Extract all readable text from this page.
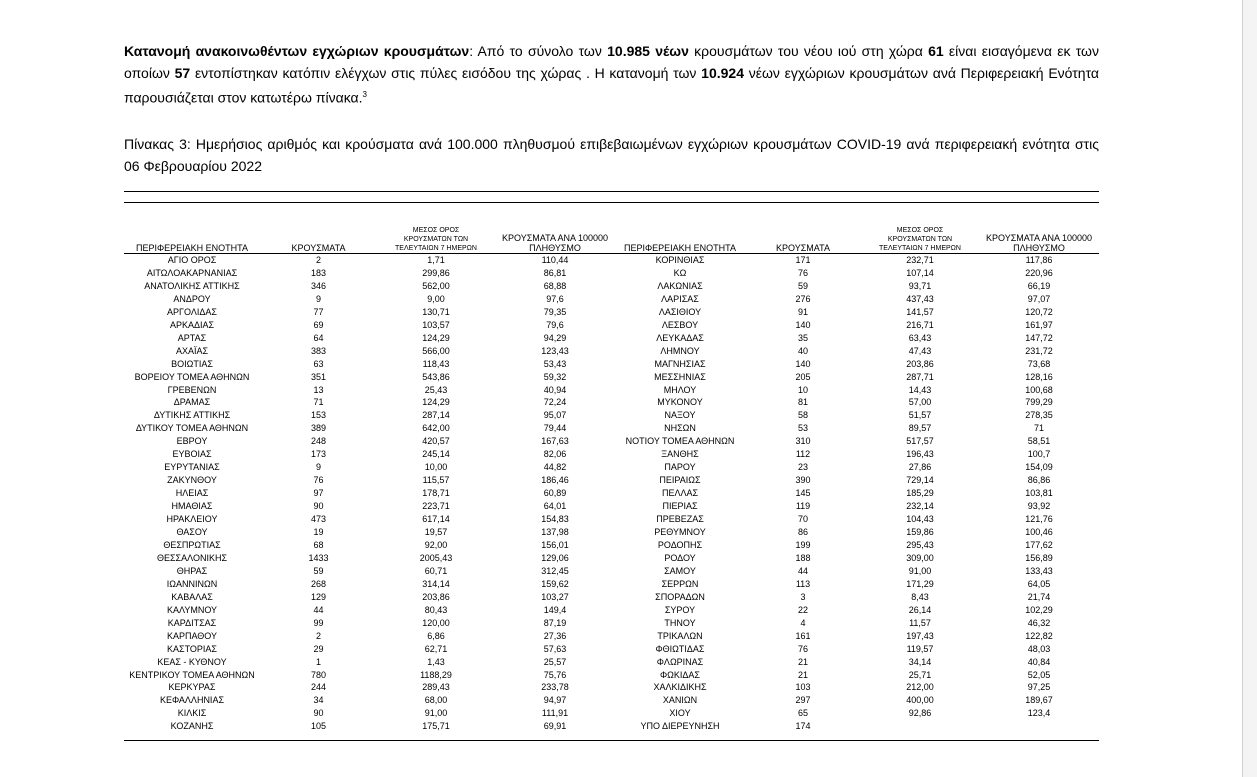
Κατανομή ανακοινωθέντων εγχώριων κρουσμάτων: Από το σύνολο των 10.985 νέων κρουσμάτων του νέου ιού στη χώρα 61 είναι εισαγόμενα εκ των οποίων 57 εντοπίστηκαν κατόπιν ελέγχων στις πύλες εισόδου της χώρας . Η κατανομή των 10.924 νέων εγχώριων κρουσμάτων ανά Περιφερειακή Ενότητα παρουσιάζεται στον κατωτέρω πίνακα.$^3$

Πίνακας 3: Ημερήσιος αριθμός και κρούσματα ανά 100.000 πληθυσμού επιβεβαιωμένων εγχώριων κρουσμάτων COVID-19 ανά περιφερειακή ενότητα στις 06 Φεβρουαρίου 2022

ΠΕΡΙΦΕΡΕΙΑΚΗ ΕΝΟΤΗΤΑ	ΚΡΟΥΣΜΑΤΑ	ΜΕΣΟΣ ΟΡΟΣ ΚΡΟΥΣΜΑΤΩΝ ΤΩΝ ΤΕΛΕΥΤΑΙΩΝ 7 ΗΜΕΡΩΝ	ΚΡΟΥΣΜΑΤΑ ΑΝΑ 100000 ΠΛΗΘΥΣΜΟ	ΠΕΡΙΦΕΡΕΙΑΚΗ ΕΝΟΤΗΤΑ	ΚΡΟΥΣΜΑΤΑ	ΜΕΣΟΣ ΟΡΟΣ ΚΡΟΥΣΜΑΤΩΝ ΤΩΝ ΤΕΛΕΥΤΑΙΩΝ 7 ΗΜΕΡΩΝ	ΚΡΟΥΣΜΑΤΑ ΑΝΑ 100000 ΠΛΗΘΥΣΜΟ
ΑΓΙΟ ΟΡΟΣ	2	1,71	110,44	ΚΟΡΙΝΘΙΑΣ	171	232,71	117,86
ΑΙΤΩΛΟΑΚΑΡΝΑΝΙΑΣ	183	299,86	86,81	ΚΩ	76	107,14	220,96
ΑΝΑΤΟΛΙΚΗΣ ΑΤΤΙΚΗΣ	346	562,00	68,88	ΛΑΚΩΝΙΑΣ	59	93,71	66,19
ΑΝΔΡΟΥ	9	9,00	97,6	ΛΑΡΙΣΑΣ	276	437,43	97,07
ΑΡΓΟΛΙΔΑΣ	77	130,71	79,35	ΛΑΣΙΘΙΟΥ	91	141,57	120,72
ΑΡΚΑΔΙΑΣ	69	103,57	79,6	ΛΕΣΒΟΥ	140	216,71	161,97
ΑΡΤΑΣ	64	124,29	94,29	ΛΕΥΚΑΔΑΣ	35	63,43	147,72
ΑΧΑΪΑΣ	383	566,00	123,43	ΛΗΜΝΟΥ	40	47,43	231,72
ΒΟΙΩΤΙΑΣ	63	118,43	53,43	ΜΑΓΝΗΣΙΑΣ	140	203,86	73,68
ΒΟΡΕΙΟΥ ΤΟΜΕΑ ΑΘΗΝΩΝ	351	543,86	59,32	ΜΕΣΣΗΝΙΑΣ	205	287,71	128,16
ΓΡΕΒΕΝΩΝ	13	25,43	40,94	ΜΗΛΟΥ	10	14,43	100,68
ΔΡΑΜΑΣ	71	124,29	72,24	ΜΥΚΟΝΟΥ	81	57,00	799,29
ΔΥΤΙΚΗΣ ΑΤΤΙΚΗΣ	153	287,14	95,07	ΝΑΞΟΥ	58	51,57	278,35
ΔΥΤΙΚΟΥ ΤΟΜΕΑ ΑΘΗΝΩΝ	389	642,00	79,44	ΝΗΣΩΝ	53	89,57	71
ΕΒΡΟΥ	248	420,57	167,63	ΝΟΤΙΟΥ ΤΟΜΕΑ ΑΘΗΝΩΝ	310	517,57	58,51
ΕΥΒΟΙΑΣ	173	245,14	82,06	ΞΑΝΘΗΣ	112	196,43	100,7
ΕΥΡΥΤΑΝΙΑΣ	9	10,00	44,82	ΠΑΡΟΥ	23	27,86	154,09
ΖΑΚΥΝΘΟΥ	76	115,57	186,46	ΠΕΙΡΑΙΩΣ	390	729,14	86,86
ΗΛΕΙΑΣ	97	178,71	60,89	ΠΕΛΛΑΣ	145	185,29	103,81
ΗΜΑΘΙΑΣ	90	223,71	64,01	ΠΙΕΡΙΑΣ	119	232,14	93,92
ΗΡΑΚΛΕΙΟΥ	473	617,14	154,83	ΠΡΕΒΕΖΑΣ	70	104,43	121,76
ΘΑΣΟΥ	19	19,57	137,98	ΡΕΘΥΜΝΟΥ	86	159,86	100,46
ΘΕΣΠΡΩΤΙΑΣ	68	92,00	156,01	ΡΟΔΟΠΗΣ	199	295,43	177,62
ΘΕΣΣΑΛΟΝΙΚΗΣ	1433	2005,43	129,06	ΡΟΔΟΥ	188	309,00	156,89
ΘΗΡΑΣ	59	60,71	312,45	ΣΑΜΟΥ	44	91,00	133,43
ΙΩΑΝΝΙΝΩΝ	268	314,14	159,62	ΣΕΡΡΩΝ	113	171,29	64,05
ΚΑΒΑΛΑΣ	129	203,86	103,27	ΣΠΟΡΑΔΩΝ	3	8,43	21,74
ΚΑΛΥΜΝΟΥ	44	80,43	149,4	ΣΥΡΟΥ	22	26,14	102,29
ΚΑΡΔΙΤΣΑΣ	99	120,00	87,19	ΤΗΝΟΥ	4	11,57	46,32
ΚΑΡΠΑΘΟΥ	2	6,86	27,36	ΤΡΙΚΑΛΩΝ	161	197,43	122,82
ΚΑΣΤΟΡΙΑΣ	29	62,71	57,63	ΦΘΙΩΤΙΔΑΣ	76	119,57	48,03
ΚΕΑΣ - ΚΥΘΝΟΥ	1	1,43	25,57	ΦΛΩΡΙΝΑΣ	21	34,14	40,84
ΚΕΝΤΡΙΚΟΥ ΤΟΜΕΑ ΑΘΗΝΩΝ	780	1188,29	75,76	ΦΩΚΙΔΑΣ	21	25,71	52,05
ΚΕΡΚΥΡΑΣ	244	289,43	233,78	ΧΑΛΚΙΔΙΚΗΣ	103	212,00	97,25
ΚΕΦΑΛΛΗΝΙΑΣ	34	68,00	94,97	ΧΑΝΙΩΝ	297	400,00	189,67
ΚΙΛΚΙΣ	90	91,00	111,91	ΧΙΟΥ	65	92,86	123,4
ΚΟΖΑΝΗΣ	105	175,71	69,91	ΥΠΟ ΔΙΕΡΕΥΝΗΣΗ	174		
